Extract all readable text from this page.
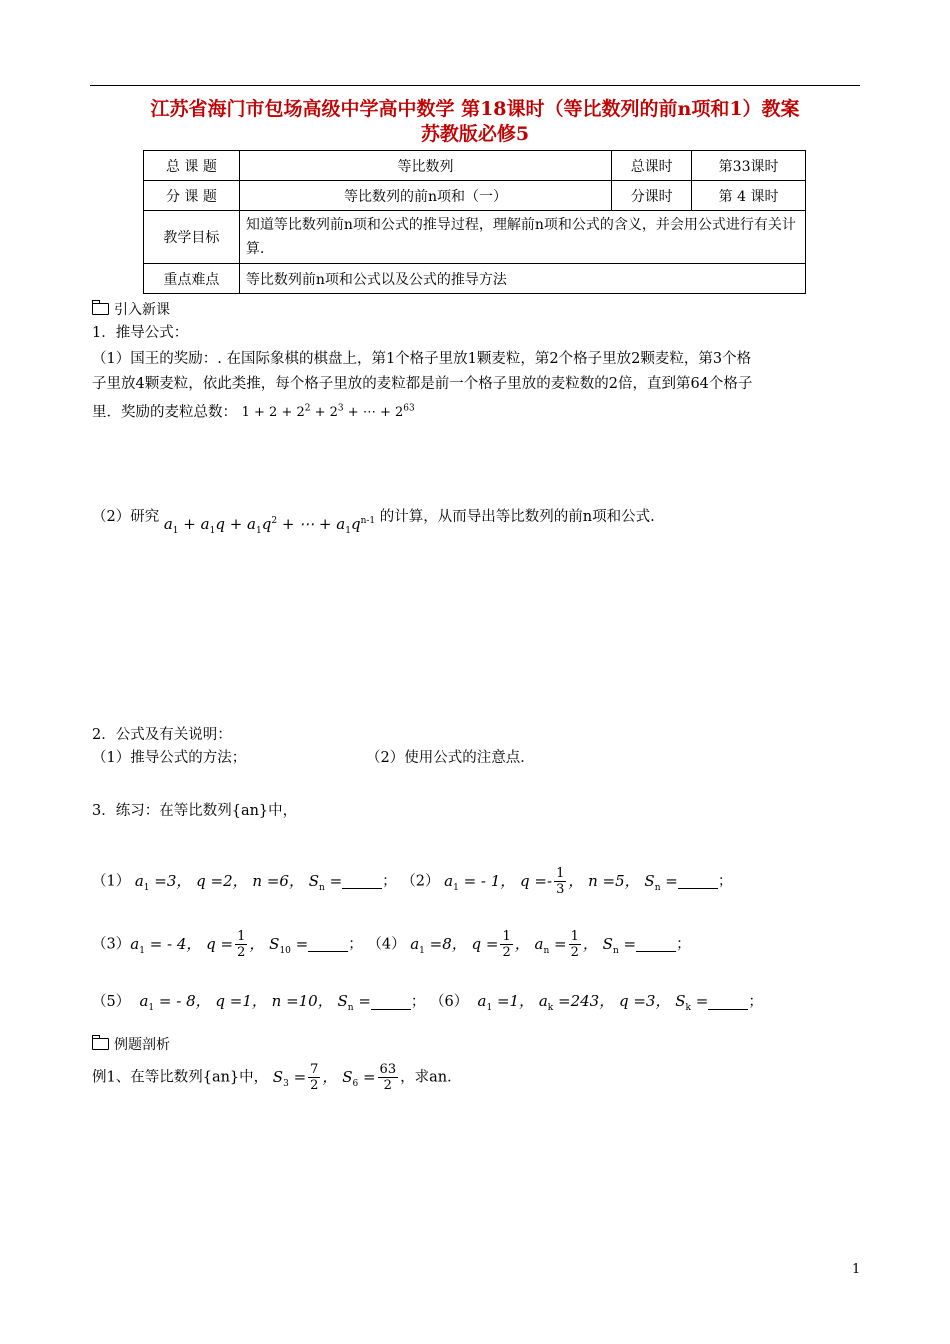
江苏省海门市包场高级中学高中数学 第18课时（等比数列的前n项和1）教案
苏教版必修5
总 课 题	等比数列	总课时	第33课时
分 课 题	等比数列的前n项和（一）	分课时	第 4 课时
教学目标	知道等比数列前n项和公式的推导过程，理解前n项和公式的含义，并会用公式进行有关计算.		
重点难点	等比数列前n项和公式以及公式的推导方法		
引入新课
1．推导公式：
（1）国王的奖励：. 在国际象棋的棋盘上，第1个格子里放1颗麦粒，第2个格子里放2颗麦粒，第3个格
子里放4颗麦粒，依此类推，每个格子里放的麦粒都是前一个格子里放的麦粒数的2倍，直到第64个格子
里．奖励的麦粒总数： $1 + 2 + 2^2 + 2^3$ + ⋯ + $2^{63}$
（2）研究 $a_1 + a_1q + a_1q^2$ + ⋯ + $a_1q^{n-1}$ 的计算，从而导出等比数列的前n项和公式.
2．公式及有关说明：
（1）推导公式的方法；	（2）使用公式的注意点．
3．练习：在等比数列{an}中，
（1） $a_1 =3$， q =2， n =6， $S_n$ =	； （2） $a_1$ = - 1， $q =- \frac{1}{3}$ ， n =5， $S_n$ =	；
$(3)a_1$ = - 4， $q = \frac{1}{2}$ ， $S_{10}$ =	； （4） $a_1 =8$， $q = \frac{1}{2}$ ， $a_n = \frac{1}{2}$ ， $S_n$ =	；
（5）  $a_1$ = - 8， q =1， n =10， $S_n$ =	； （6）  $a_1 =1$， $a_k =243$， q =3， $S_k$ =	；
例题剖析
例1、在等比数列{an}中， $S_3 = \frac{7}{2}$ ， $S_6 = \frac{63}{2}$ ，求an．
1
